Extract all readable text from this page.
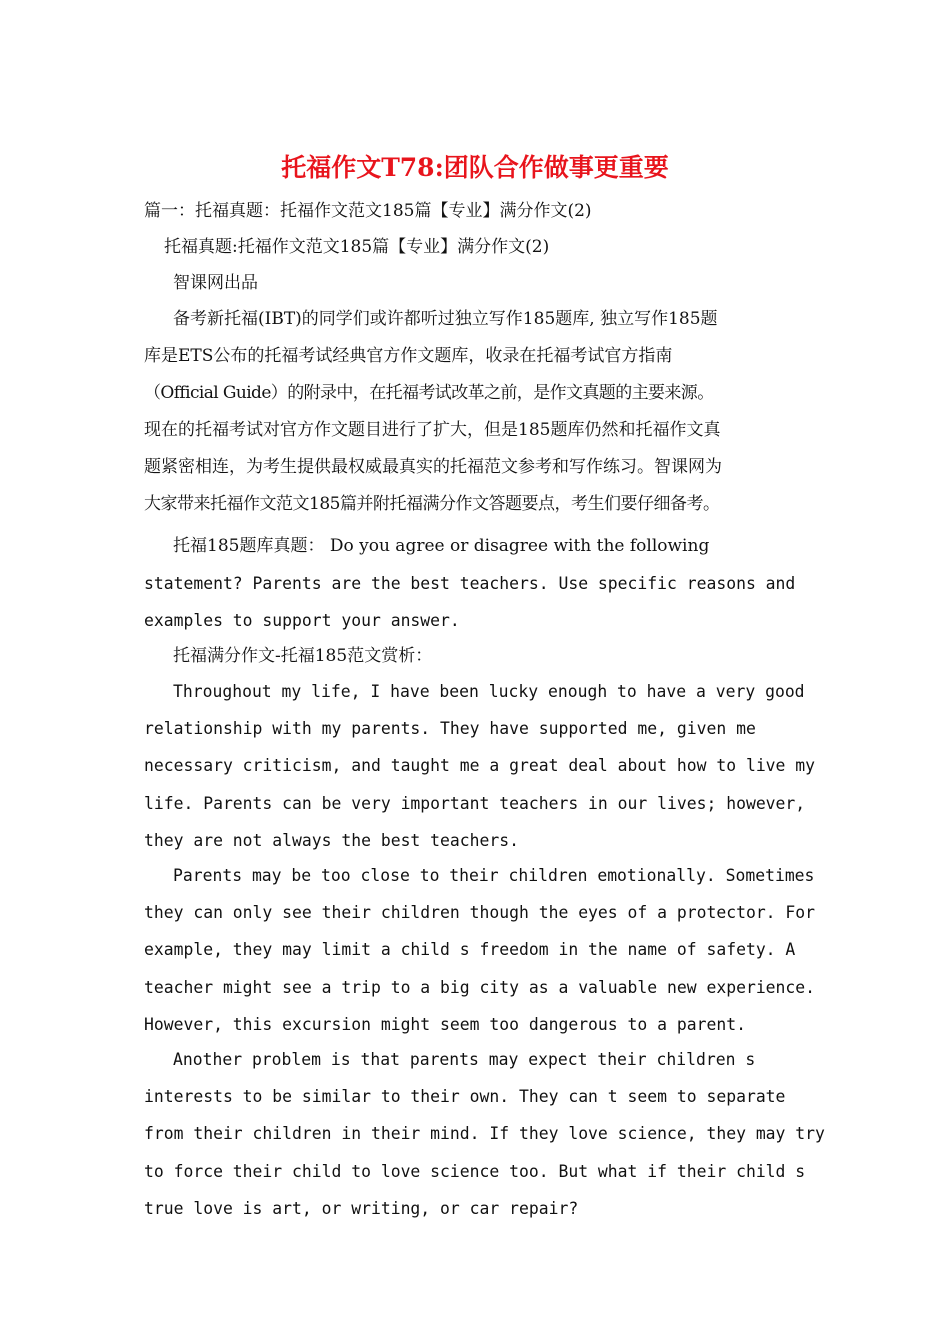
托福作文T78:团队合作做事更重要
篇一：托福真题：托福作文范文185篇【专业】满分作文(2)
托福真题:托福作文范文185篇【专业】满分作文(2)
智课网出品
备考新托福(IBT)的同学们或许都听过独立写作185题库, 独立写作185题
库是ETS公布的托福考试经典官方作文题库，收录在托福考试官方指南
（Official Guide）的附录中，在托福考试改革之前，是作文真题的主要来源。
现在的托福考试对官方作文题目进行了扩大，但是185题库仍然和托福作文真
题紧密相连，为考生提供最权威最真实的托福范文参考和写作练习。智课网为
大家带来托福作文范文185篇并附托福满分作文答题要点，考生们要仔细备考。
托福185题库真题： Do you agree or disagree with the following
statement? Parents are the best teachers. Use specific reasons and
examples to support your answer.
托福满分作文-托福185范文赏析：
Throughout my life, I have been lucky enough to have a very good
relationship with my parents. They have supported me, given me
necessary criticism, and taught me a great deal about how to live my
life. Parents can be very important teachers in our lives; however,
they are not always the best teachers.
Parents may be too close to their children emotionally. Sometimes
they can only see their children though the eyes of a protector. For
example, they may limit a child s freedom in the name of safety. A
teacher might see a trip to a big city as a valuable new experience.
However, this excursion might seem too dangerous to a parent.
Another problem is that parents may expect their children s
interests to be similar to their own. They can t seem to separate
from their children in their mind. If they love science, they may try
to force their child to love science too. But what if their child s
true love is art, or writing, or car repair?
